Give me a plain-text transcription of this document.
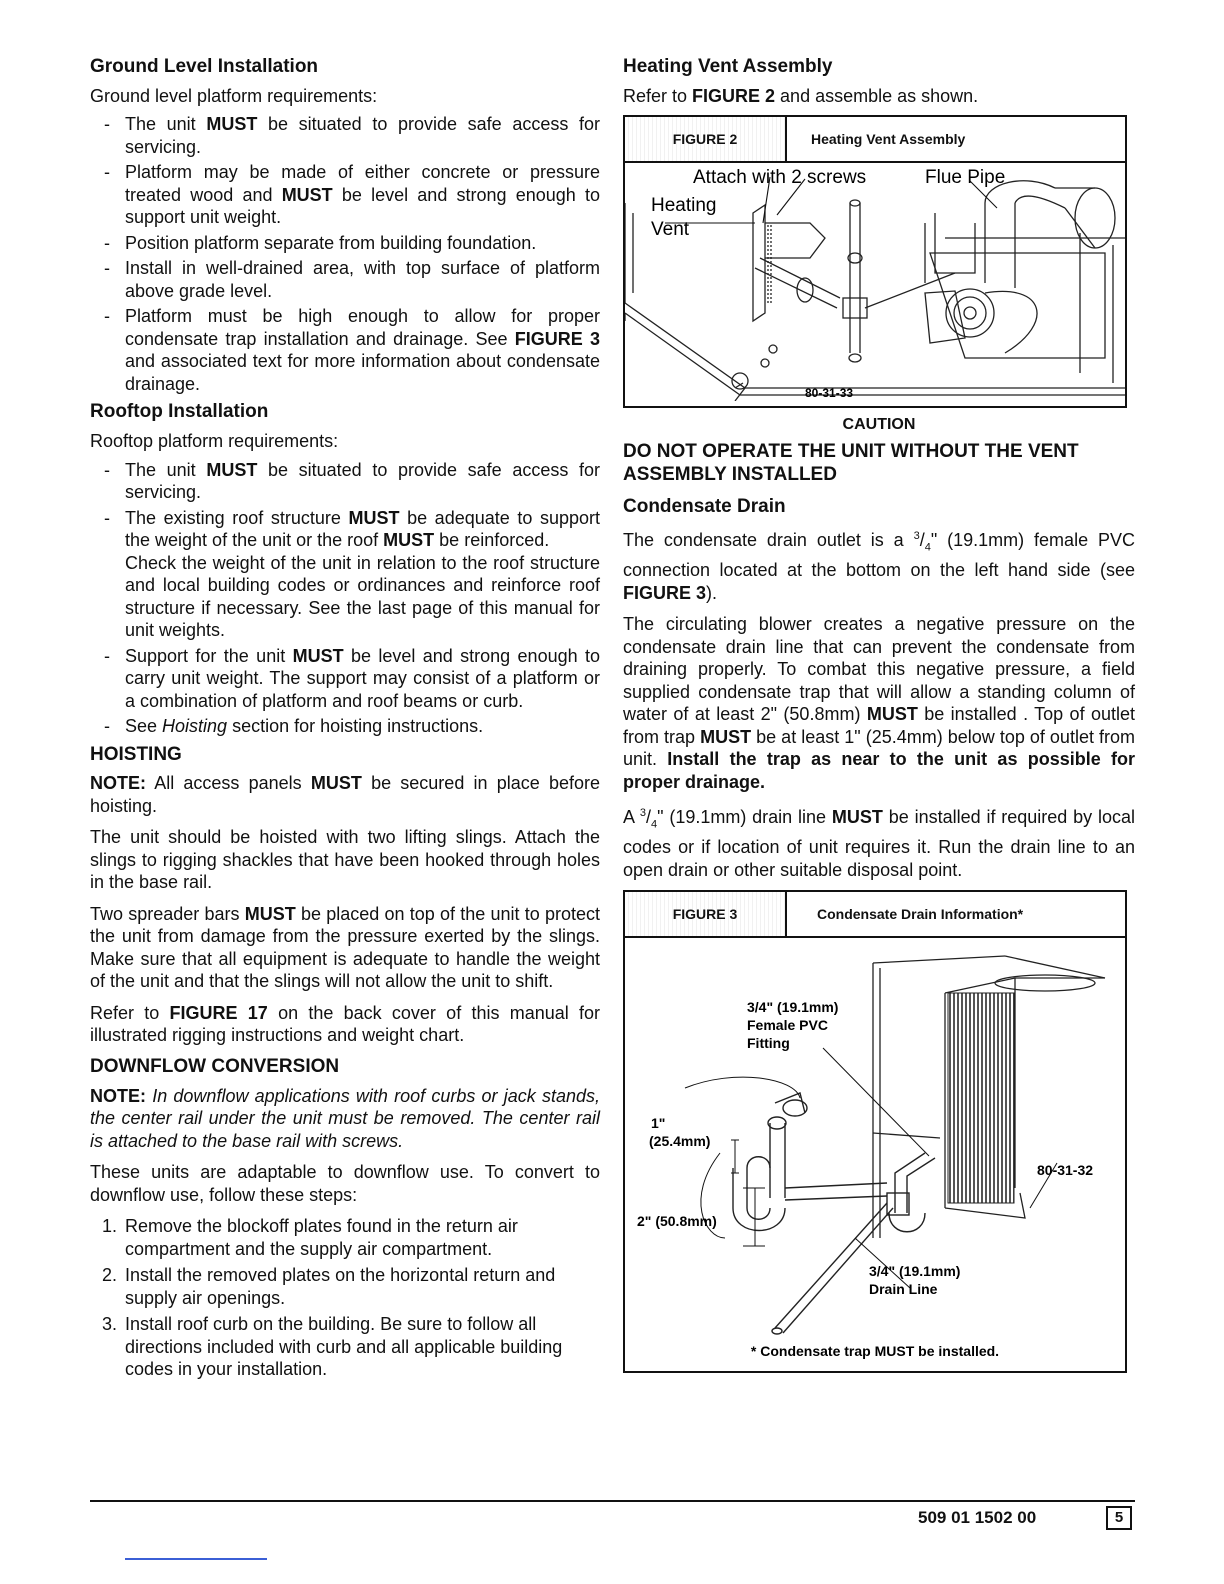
Ground Level Installation

Ground level platform requirements:

- The unit MUST be situated to provide safe access for servicing.
- Platform may be made of either concrete or pressure treated wood and MUST be level and strong enough to support unit weight.
- Position platform separate from building foundation.
- Install in well-drained area, with top surface of platform above grade level.
- Platform must be high enough to allow for proper condensate trap installation and drainage. See FIGURE 3 and associated text for more information about condensate drainage.
Rooftop Installation

Rooftop platform requirements:

- The unit MUST be situated to provide safe access for servicing.
- The existing roof structure MUST be adequate to support the weight of the unit or the roof MUST be reinforced.
Check the weight of the unit in relation to the roof structure and local building codes or ordinances and reinforce roof structure if necessary. See the last page of this manual for unit weights.
- Support for the unit MUST be level and strong enough to carry unit weight. The support may consist of a platform or a combination of platform and roof beams or curb.
- See Hoisting section for hoisting instructions.
HOISTING

NOTE: All access panels MUST be secured in place before hoisting.

The unit should be hoisted with two lifting slings. Attach the slings to rigging shackles that have been hooked through holes in the base rail.

Two spreader bars MUST be placed on top of the unit to protect the unit from damage from the pressure exerted by the slings. Make sure that all equipment is adequate to handle the weight of the unit and that the slings will not allow the unit to shift.

Refer to FIGURE 17 on the back cover of this manual for illustrated rigging instructions and weight chart.

DOWNFLOW CONVERSION

NOTE: In downflow applications with roof curbs or jack stands, the center rail under the unit must be removed. The center rail is attached to the base rail with screws.

These units are adaptable to downflow use. To convert to downflow use, follow these steps:

1. Remove the blockoff plates found in the return air compartment and the supply air compartment.
2. Install the removed plates on the horizontal return and supply air openings.
3. Install roof curb on the building. Be sure to follow all directions included with curb and all applicable building codes in your installation.
Heating Vent Assembly

Refer to FIGURE 2 and assemble as shown.

FIGURE 2	Heating Vent Assembly
Attach with 2 screws	Flue Pipe
Heating
Vent
80-31-33
CAUTION
DO NOT OPERATE THE UNIT WITHOUT THE VENT ASSEMBLY INSTALLED
Condensate Drain

The condensate drain outlet is a $^3/_4$" (19.1mm) female PVC connection located at the bottom on the left hand side (see FIGURE 3).

The circulating blower creates a negative pressure on the condensate drain line that can prevent the condensate from draining properly. To combat this negative pressure, a field supplied condensate trap that will allow a standing column of water of at least 2" (50.8mm) MUST be installed . Top of outlet from trap MUST be at least 1" (25.4mm) below top of outlet from unit. Install the trap as near to the unit as possible for proper drainage.

A $^3/_4$" (19.1mm) drain line MUST be installed if required by local codes or if location of unit requires it. Run the drain line to an open drain or other suitable disposal point.

FIGURE 3	Condensate Drain Information*
3/4" (19.1mm)
Female PVC
Fitting
1"
(25.4mm)
2" (50.8mm)
3/4" (19.1mm)
Drain Line
80-31-32
* Condensate trap MUST be installed.
509 01 1502 00	5
